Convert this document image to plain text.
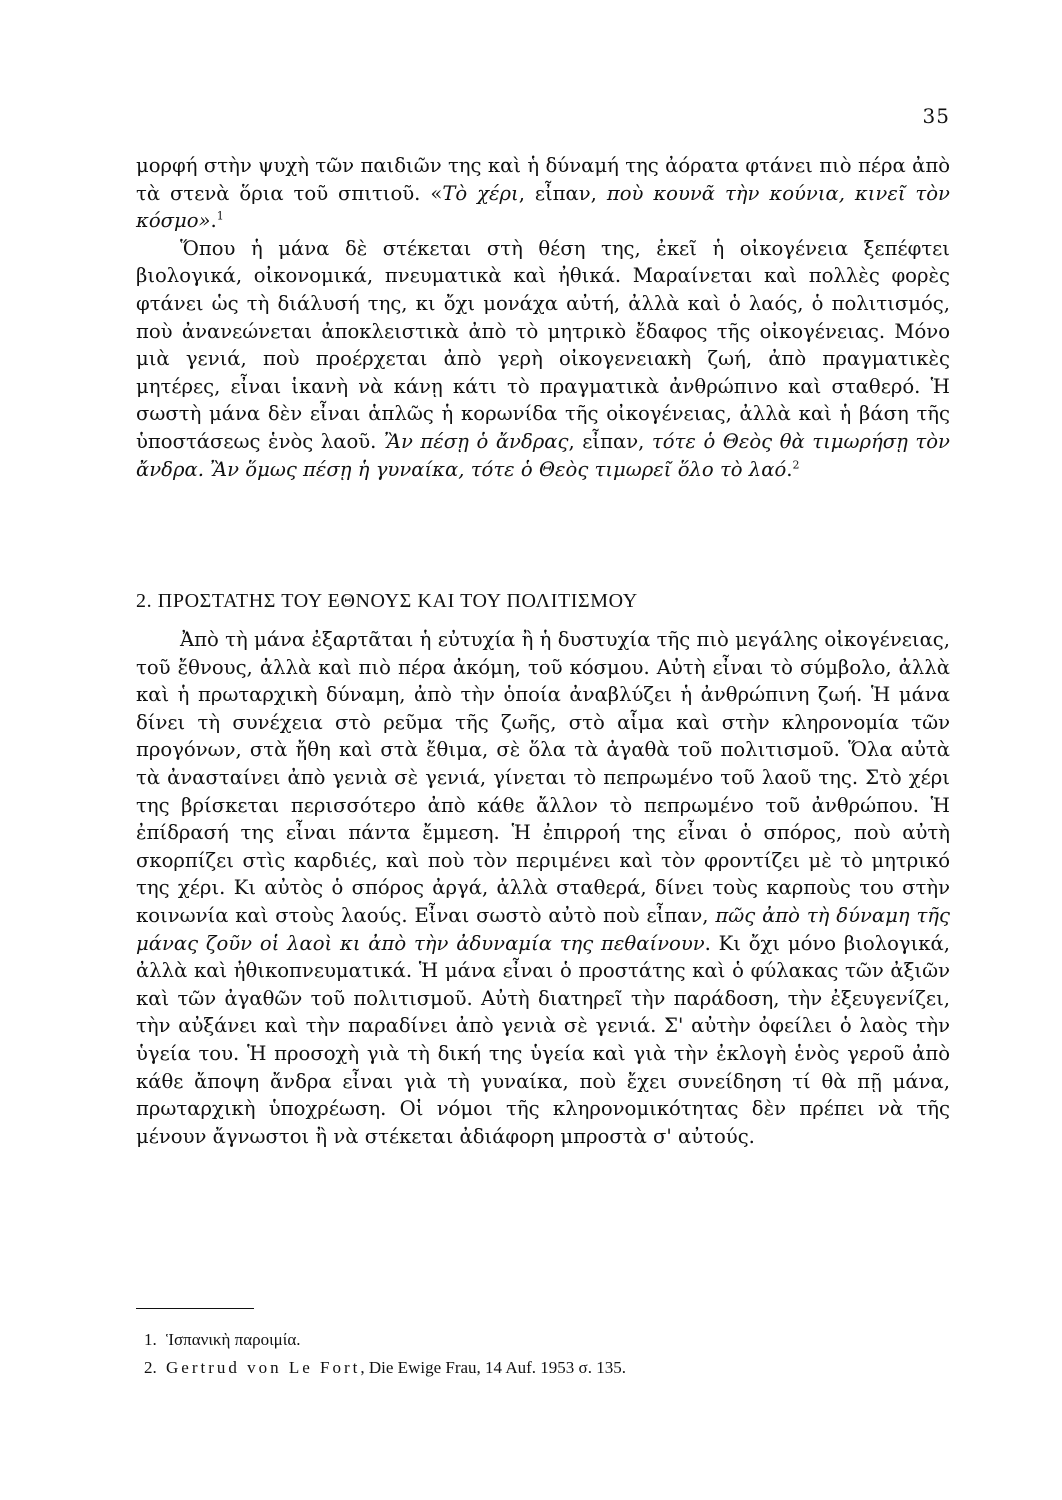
35

μορφή στὴν ψυχὴ τῶν παιδιῶν της καὶ ἡ δύναμή της ἀόρατα φτάνει πιὸ πέρα ἀπὸ τὰ στενὰ ὅρια τοῦ σπιτιοῦ. «Τὸ χέρι, εἶπαν, ποὺ κουνᾶ τὴν κούνια, κινεῖ τὸν κόσμο».$^1$

Ὅπου ἡ μάνα δὲ στέκεται στὴ θέση της, ἐκεῖ ἡ οἰκογένεια ξεπέφτει βιολογικά, οἰκονομικά, πνευματικὰ καὶ ἠθικά. Μαραίνεται καὶ πολλὲς φορὲς φτάνει ὡς τὴ διάλυσή της, κι ὄχι μονάχα αὐτή, ἀλλὰ καὶ ὁ λαός, ὁ πολιτισμός, ποὺ ἀνανεώνεται ἀποκλειστικὰ ἀπὸ τὸ μητρικὸ ἔδαφος τῆς οἰκογένειας. Μόνο μιὰ γενιά, ποὺ προέρχεται ἀπὸ γερὴ οἰκογενειακὴ ζωή, ἀπὸ πραγματικὲς μητέρες, εἶναι ἱκανὴ νὰ κάνῃ κάτι τὸ πραγματικὰ ἀνθρώπινο καὶ σταθερό. Ἡ σωστὴ μάνα δὲν εἶναι ἁπλῶς ἡ κορωνίδα τῆς οἰκογένειας, ἀλλὰ καὶ ἡ βάση τῆς ὑποστάσεως ἑνὸς λαοῦ. Ἂν πέσῃ ὁ ἄνδρας, εἶπαν, τότε ὁ Θεὸς θὰ τιμωρήσῃ τὸν ἄνδρα. Ἂν ὅμως πέσῃ ἡ γυναίκα, τότε ὁ Θεὸς τιμωρεῖ ὅλο τὸ λαό.$^2$

2. ΠΡΟΣΤΑΤΗΣ ΤΟΥ ΕΘΝΟΥΣ ΚΑΙ ΤΟΥ ΠΟΛΙΤΙΣΜΟΥ

Ἀπὸ τὴ μάνα ἐξαρτᾶται ἡ εὐτυχία ἢ ἡ δυστυχία τῆς πιὸ μεγάλης οἰκογένειας, τοῦ ἔθνους, ἀλλὰ καὶ πιὸ πέρα ἀκόμη, τοῦ κόσμου. Αὐτὴ εἶναι τὸ σύμβολο, ἀλλὰ καὶ ἡ πρωταρχικὴ δύναμη, ἀπὸ τὴν ὁποία ἀναβλύζει ἡ ἀνθρώπινη ζωή. Ἡ μάνα δίνει τὴ συνέχεια στὸ ρεῦμα τῆς ζωῆς, στὸ αἷμα καὶ στὴν κληρονομία τῶν προγόνων, στὰ ἤθη καὶ στὰ ἔθιμα, σὲ ὅλα τὰ ἀγαθὰ τοῦ πολιτισμοῦ. Ὅλα αὐτὰ τὰ ἀνασταίνει ἀπὸ γενιὰ σὲ γενιά, γίνεται τὸ πεπρωμένο τοῦ λαοῦ της. Στὸ χέρι της βρίσκεται περισσότερο ἀπὸ κάθε ἄλλον τὸ πεπρωμένο τοῦ ἀνθρώπου. Ἡ ἐπίδρασή της εἶναι πάντα ἔμμεση. Ἡ ἐπιρροή της εἶναι ὁ σπόρος, ποὺ αὐτὴ σκορπίζει στὶς καρδιές, καὶ ποὺ τὸν περιμένει καὶ τὸν φροντίζει μὲ τὸ μητρικό της χέρι. Κι αὐτὸς ὁ σπόρος ἀργά, ἀλλὰ σταθερά, δίνει τοὺς καρποὺς του στὴν κοινωνία καὶ στοὺς λαούς. Εἶναι σωστὸ αὐτὸ ποὺ εἶπαν, πῶς ἀπὸ τὴ δύναμη τῆς μάνας ζοῦν οἱ λαοὶ κι ἀπὸ τὴν ἀδυναμία της πεθαίνουν. Κι ὄχι μόνο βιολογικά, ἀλλὰ καὶ ἠθικοπνευματικά. Ἡ μάνα εἶναι ὁ προστάτης καὶ ὁ φύλακας τῶν ἀξιῶν καὶ τῶν ἀγαθῶν τοῦ πολιτισμοῦ. Αὐτὴ διατηρεῖ τὴν παράδοση, τὴν ἐξευγενίζει, τὴν αὐξάνει καὶ τὴν παραδίνει ἀπὸ γενιὰ σὲ γενιά. Σ' αὐτὴν ὀφείλει ὁ λαὸς τὴν ὑγεία του. Ἡ προσοχὴ γιὰ τὴ δική της ὑγεία καὶ γιὰ τὴν ἐκλογὴ ἑνὸς γεροῦ ἀπὸ κάθε ἄποψη ἄνδρα εἶναι γιὰ τὴ γυναίκα, ποὺ ἔχει συνείδηση τί θὰ πῇ μάνα, πρωταρχικὴ ὑποχρέωση. Οἱ νόμοι τῆς κληρονομικότητας δὲν πρέπει νὰ τῆς μένουν ἄγνωστοι ἢ νὰ στέκεται ἀδιάφορη μπροστὰ σ' αὐτούς.

1. Ἱσπανικὴ παροιμία.
2. Gertrud von Le Fort, Die Ewige Frau, 14 Auf. 1953 σ. 135.
